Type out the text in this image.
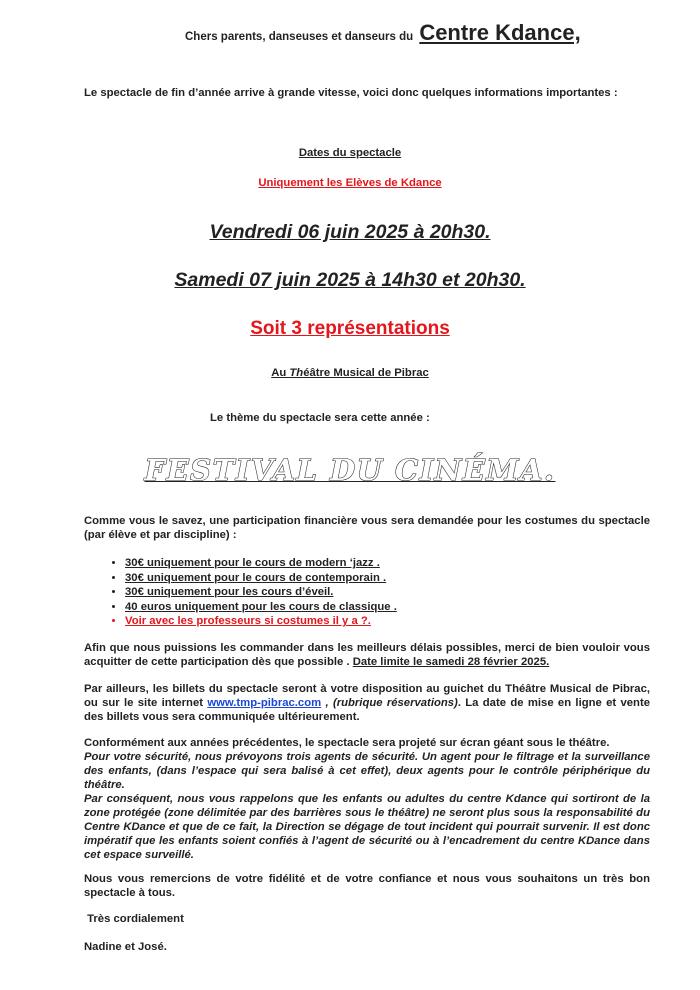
Chers parents, danseuses et danseurs du Centre Kdance,
Le spectacle de fin d’année arrive à grande vitesse, voici donc quelques informations importantes :
Dates du spectacle
Uniquement les Elèves de Kdance
Vendredi 06 juin 2025 à 20h30.
Samedi 07 juin 2025 à 14h30 et 20h30.
Soit 3 représentations
Au Théâtre Musical de Pibrac
Le thème du spectacle sera cette année :
FESTIVAL DU CINÉMA.
Comme vous le savez, une participation financière vous sera demandée pour les costumes du spectacle (par élève et par discipline) :
• 30€ uniquement pour le cours de modern ‘jazz .
• 30€ uniquement pour le cours de contemporain .
• 30€ uniquement pour les cours d’éveil.
• 40 euros uniquement pour les cours de classique .
• Voir avec les professeurs si costumes il y a ?.
Afin que nous puissions les commander dans les meilleurs délais possibles, merci de bien vouloir vous acquitter de cette participation dès que possible . Date limite le samedi 28 février 2025.
Par ailleurs, les billets du spectacle seront à votre disposition au guichet du Théâtre Musical de Pibrac, ou sur le site internet www.tmp-pibrac.com , (rubrique réservations). La date de mise en ligne et vente des billets vous sera communiquée ultérieurement.
Conformément aux années précédentes, le spectacle sera projeté sur écran géant sous le théâtre.
Pour votre sécurité, nous prévoyons trois agents de sécurité. Un agent pour le filtrage et la surveillance des enfants, (dans l’espace qui sera balisé à cet effet), deux agents pour le contrôle périphérique du théâtre.
Par conséquent, nous vous rappelons que les enfants ou adultes du centre Kdance qui sortiront de la zone protégée (zone délimitée par des barrières sous le théâtre) ne seront plus sous la responsabilité du Centre KDance et que de ce fait, la Direction se dégage de tout incident qui pourrait survenir. Il est donc impératif que les enfants soient confiés à l’agent de sécurité ou à l’encadrement du centre KDance dans cet espace surveillé.
Nous vous remercions de votre fidélité et de votre confiance et nous vous souhaitons un très bon spectacle à tous.
Très cordialement
Nadine et José.
